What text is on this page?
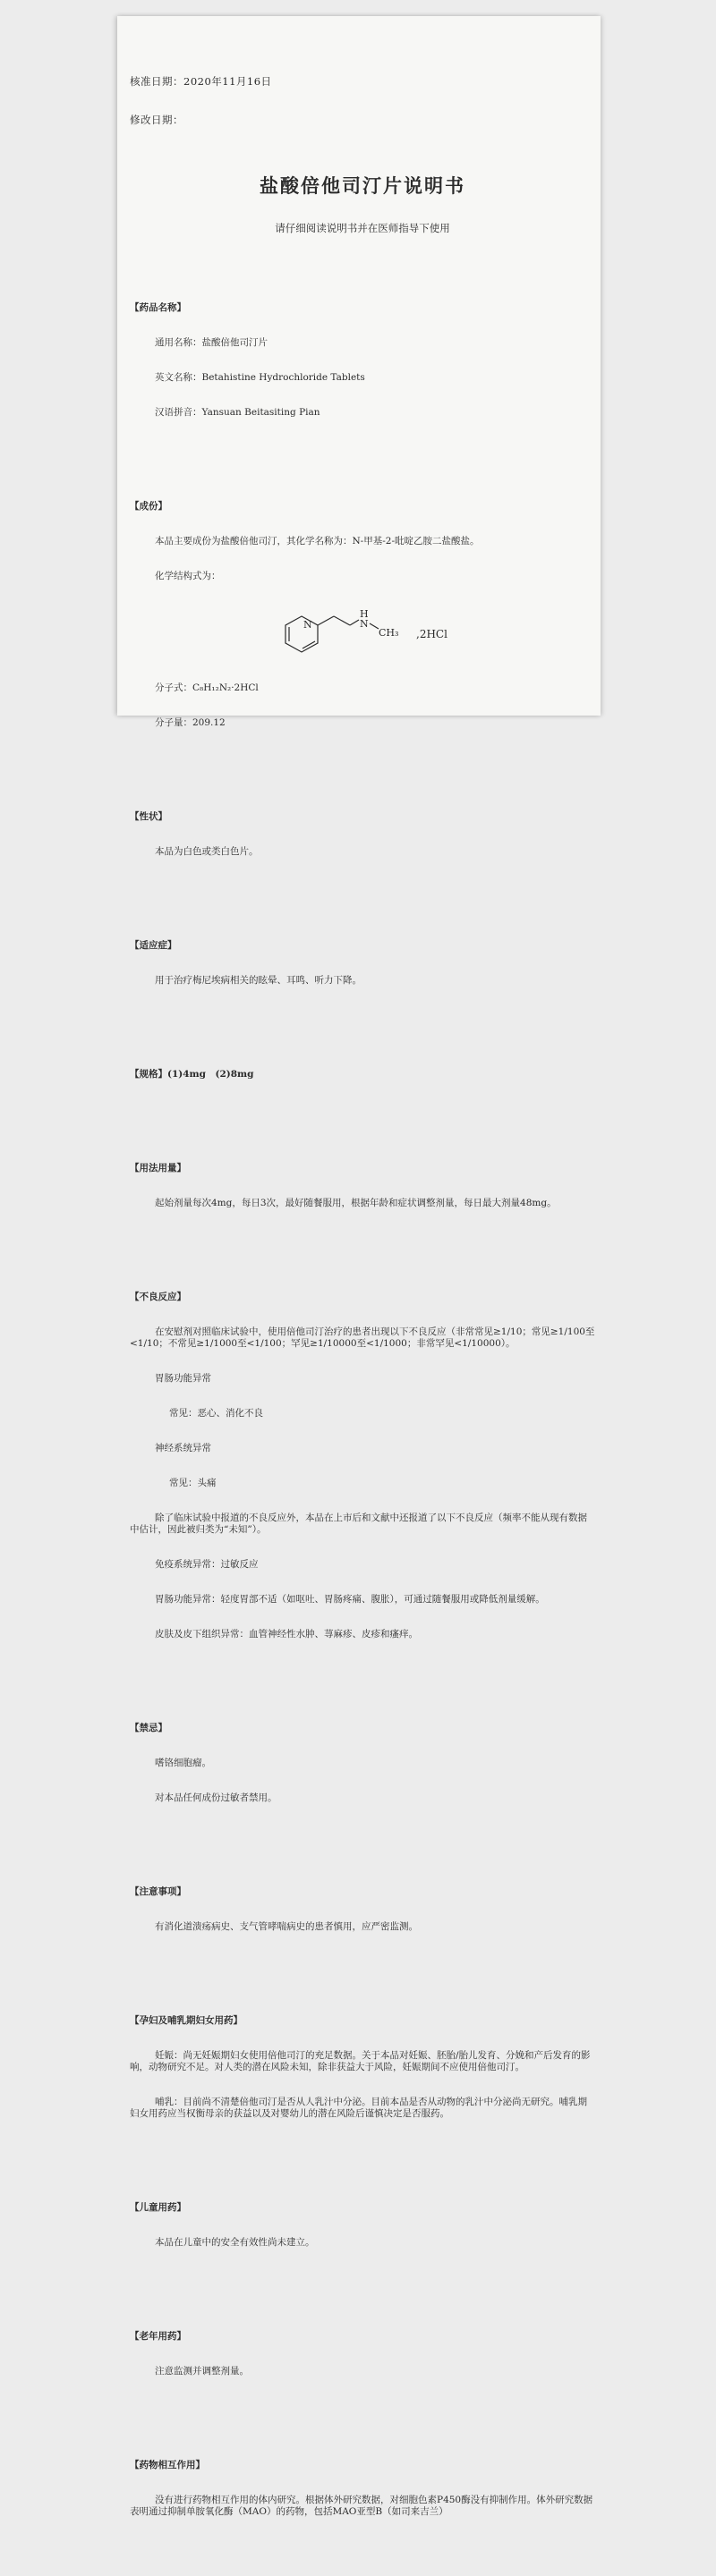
核准日期：2020年11月16日

修改日期：

盐酸倍他司汀片说明书

请仔细阅读说明书并在医师指导下使用

【药品名称】

通用名称：盐酸倍他司汀片

英文名称：Betahistine Hydrochloride Tablets

汉语拼音：Yansuan Beitasiting Pian

【成份】

本品主要成份为盐酸倍他司汀，其化学名称为：N-甲基-2-吡啶乙胺二盐酸盐。

化学结构式为：

N
H
N
CH₃

,2HCl

分子式：C₈H₁₂N₂·2HCl

分子量：209.12

【性状】

本品为白色或类白色片。

【适应症】

用于治疗梅尼埃病相关的眩晕、耳鸣、听力下降。

【规格】(1)4mg　(2)8mg

【用法用量】

起始剂量每次4mg，每日3次，最好随餐服用，根据年龄和症状调整剂量，每日最大剂量48mg。

【不良反应】

在安慰剂对照临床试验中，使用倍他司汀治疗的患者出现以下不良反应（非常常见≥1/10；常见≥1/100至<1/10；不常见≥1/1000至<1/100；罕见≥1/10000至<1/1000；非常罕见<1/10000）。

胃肠功能异常

常见：恶心、消化不良

神经系统异常

常见：头痛

除了临床试验中报道的不良反应外，本品在上市后和文献中还报道了以下不良反应（频率不能从现有数据中估计，因此被归类为“未知”）。

免疫系统异常：过敏反应

胃肠功能异常：轻度胃部不适（如呕吐、胃肠疼痛、腹胀），可通过随餐服用或降低剂量缓解。

皮肤及皮下组织异常：血管神经性水肿、荨麻疹、皮疹和瘙痒。

【禁忌】

嗜铬细胞瘤。

对本品任何成份过敏者禁用。

【注意事项】

有消化道溃疡病史、支气管哮喘病史的患者慎用，应严密监测。

【孕妇及哺乳期妇女用药】

妊娠：尚无妊娠期妇女使用倍他司汀的充足数据。关于本品对妊娠、胚胎/胎儿发育、分娩和产后发育的影响，动物研究不足。对人类的潜在风险未知，除非获益大于风险，妊娠期间不应使用倍他司汀。

哺乳：目前尚不清楚倍他司汀是否从人乳汁中分泌。目前本品是否从动物的乳汁中分泌尚无研究。哺乳期妇女用药应当权衡母亲的获益以及对婴幼儿的潜在风险后谨慎决定是否服药。

【儿童用药】

本品在儿童中的安全有效性尚未建立。

【老年用药】

注意监测并调整剂量。

【药物相互作用】

没有进行药物相互作用的体内研究。根据体外研究数据，对细胞色素P450酶没有抑制作用。体外研究数据表明通过抑制单胺氧化酶（MAO）的药物，包括MAO亚型B（如司来吉兰）
